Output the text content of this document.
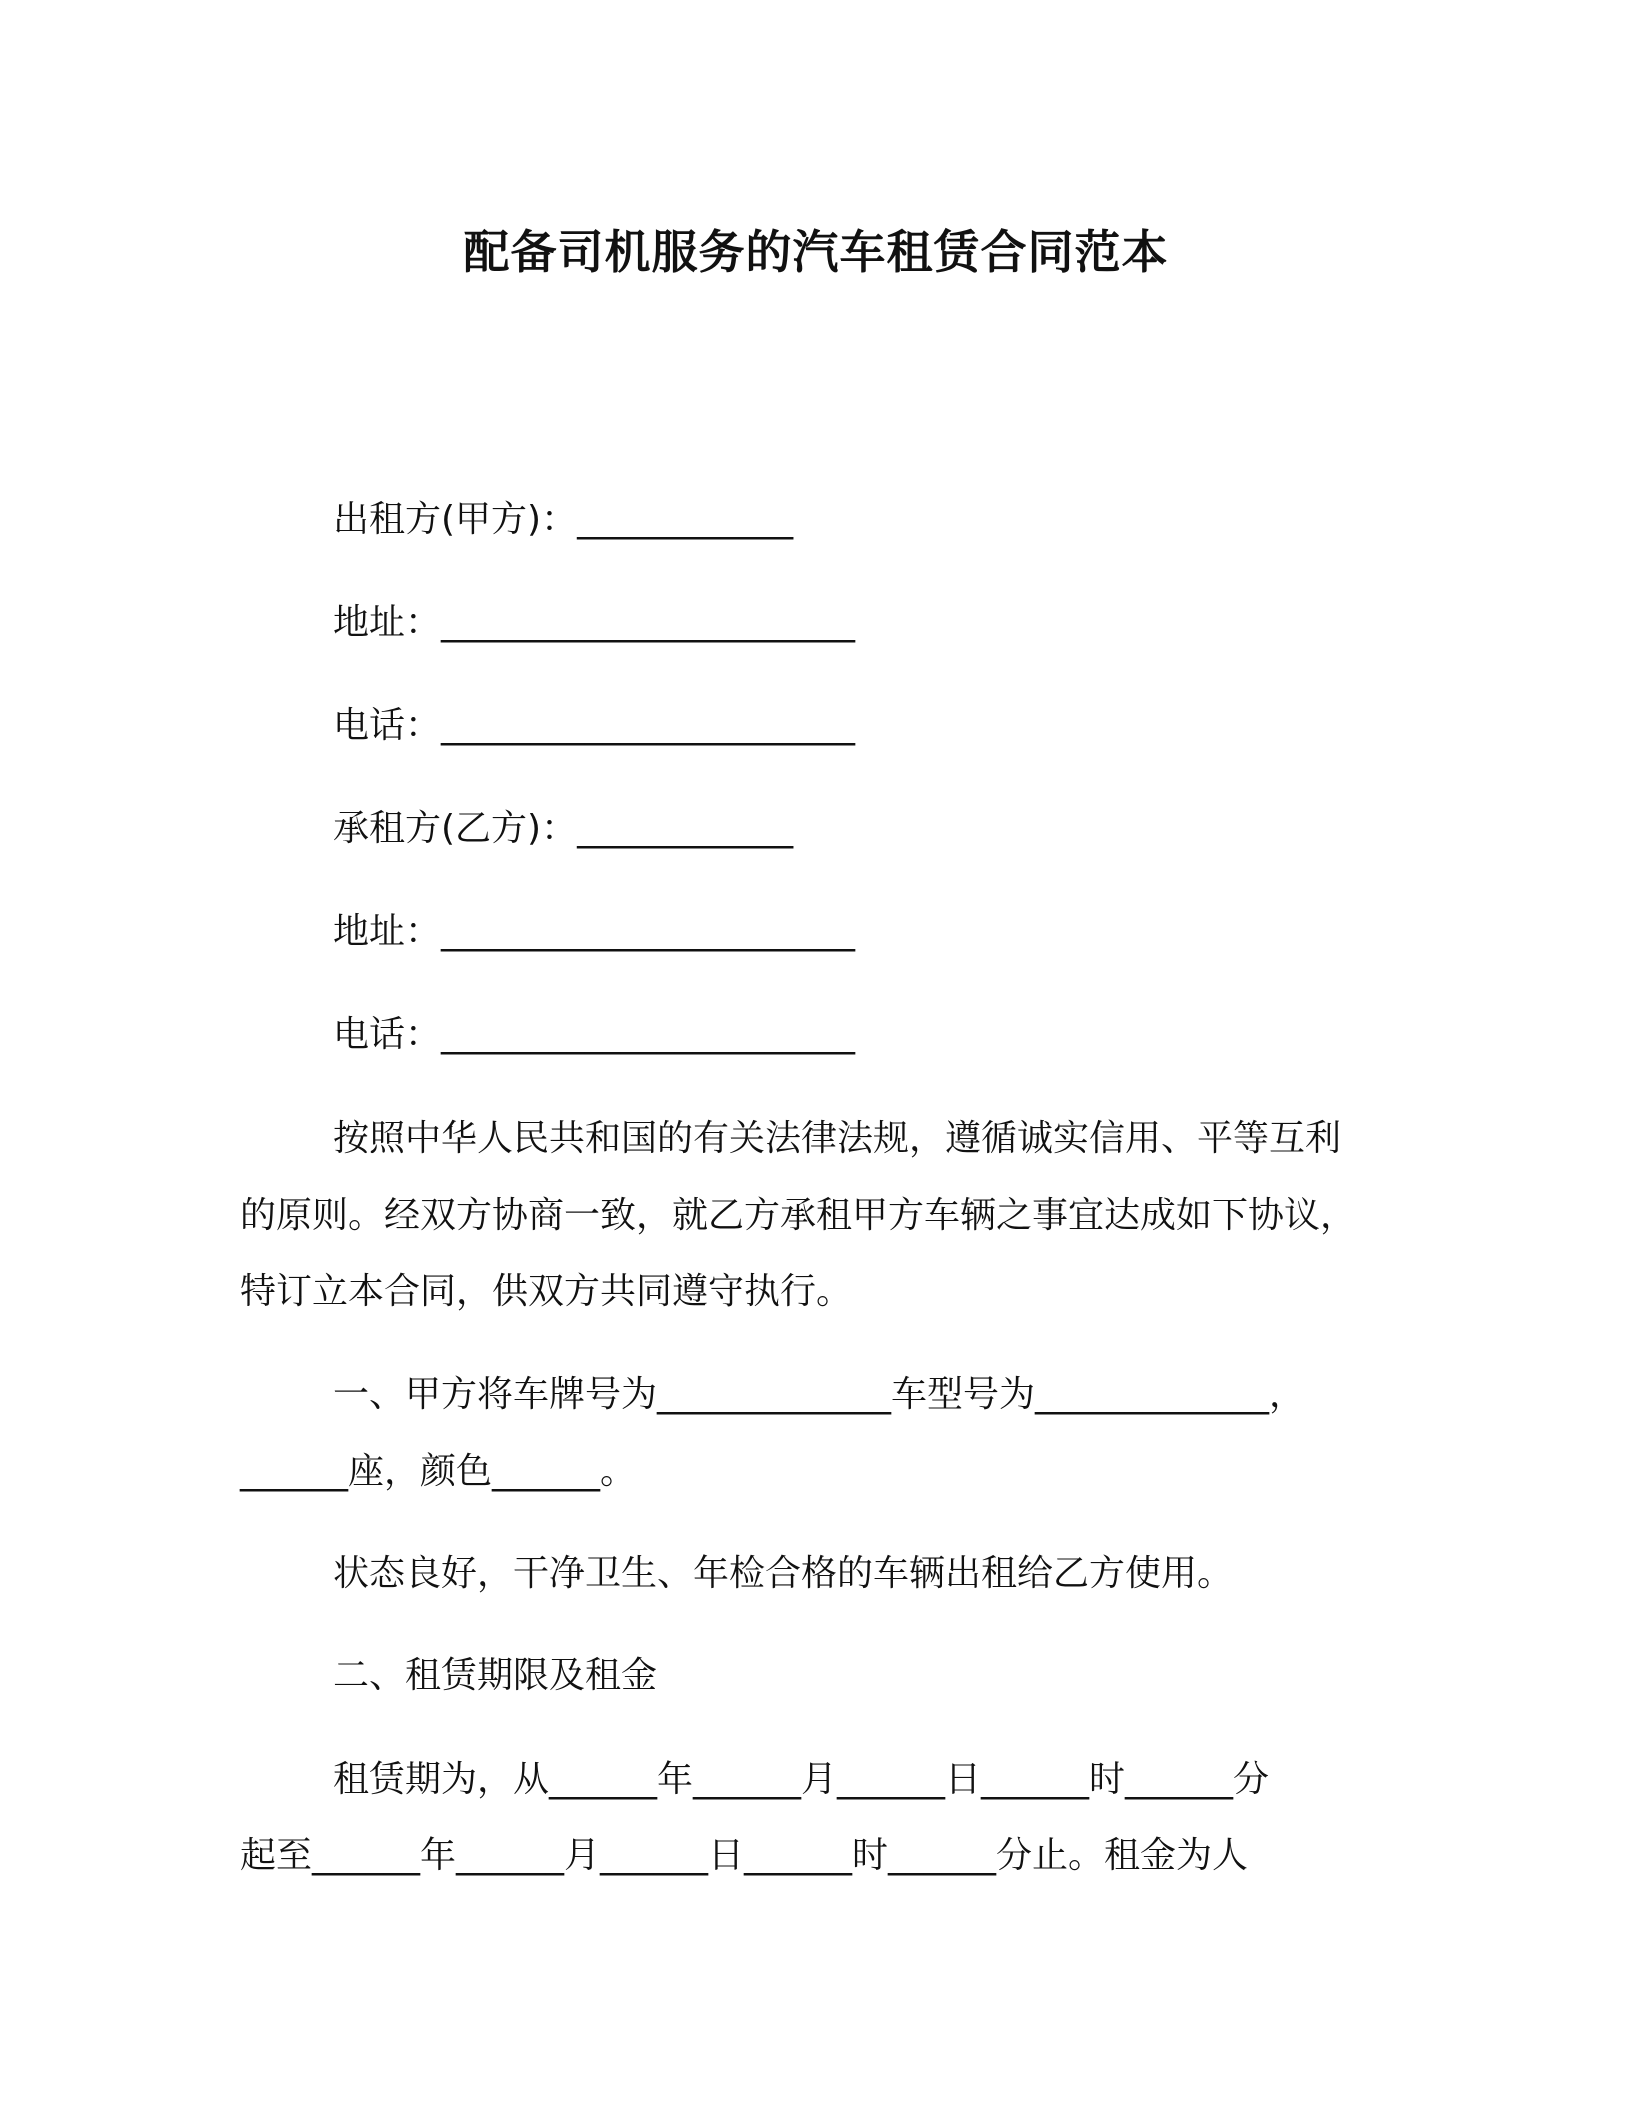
配备司机服务的汽车租赁合同范本
出租方(甲方)：____________
地址：_______________________
电话：_______________________
承租方(乙方)：____________
地址：_______________________
电话：_______________________
按照中华人民共和国的有关法律法规，遵循诚实信用、平等互利
的原则。经双方协商一致，就乙方承租甲方车辆之事宜达成如下协议，
特订立本合同，供双方共同遵守执行。
一、甲方将车牌号为_____________车型号为_____________，
______座，颜色______。
状态良好，干净卫生、年检合格的车辆出租给乙方使用。
二、租赁期限及租金
租赁期为，从______年______月______日______时______分
起至______年______月______日______时______分止。租金为人
